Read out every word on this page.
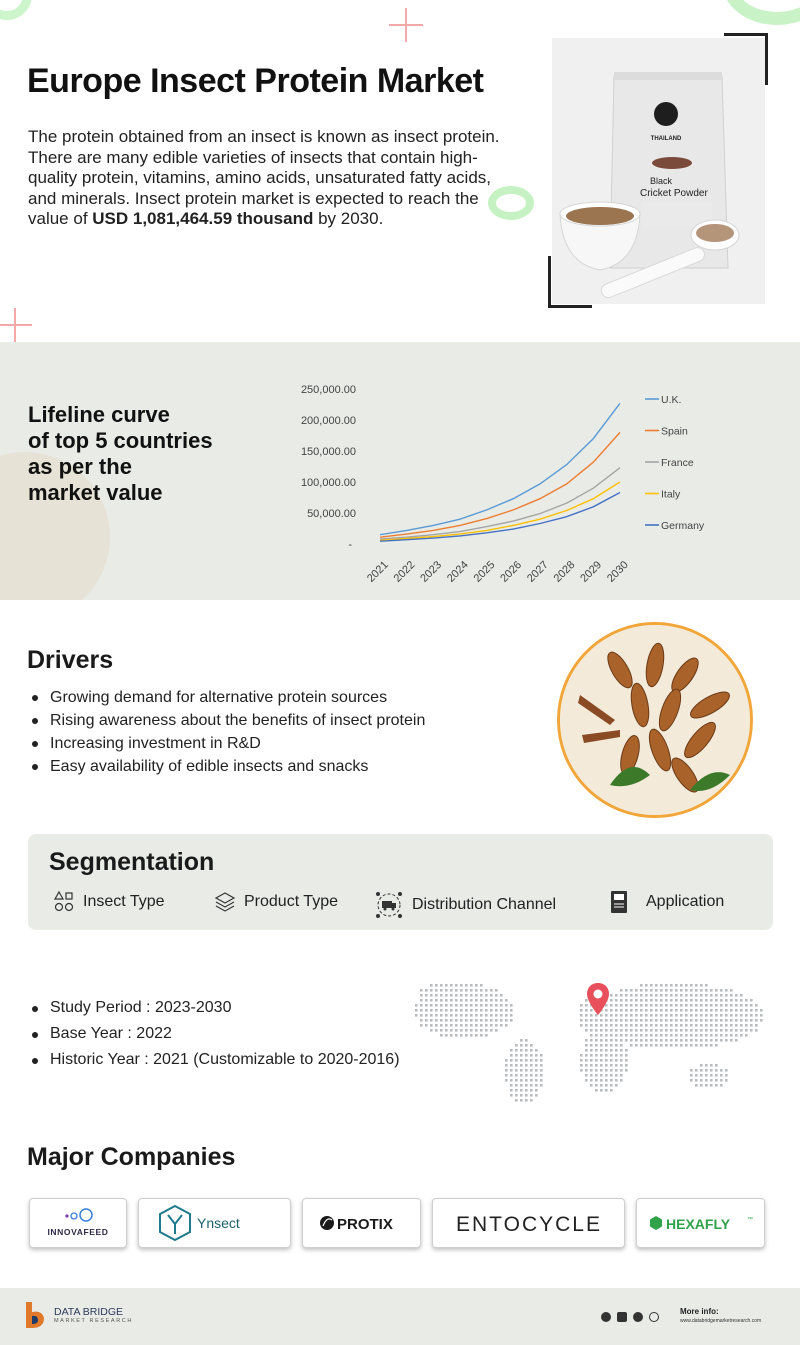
Europe Insect Protein Market

The protein obtained from an insect is known as insect protein. There are many edible varieties of insects that contain high-quality protein, vitamins, amino acids, unsaturated fatty acids, and minerals. Insect protein market is expected to reach the value of USD 1,081,464.59 thousand by 2030.

THAILAND
Black
Cricket Powder
Lifeline curve
of top 5 countries
as per the
market value
-
50,000.00
100,000.00
150,000.00
200,000.00
250,000.00
2021 2022 2023 2024 2025 2026 2027 2028 2029 2030
U.K.
Spain
France
Italy
Germany
Drivers
Growing demand for alternative protein sources
Rising awareness about the benefits of insect protein
Increasing investment in R&D
Easy availability of edible insects and snacks
Segmentation
Insect Type	Product Type	Distribution Channel	Application
Study Period : 2023-2030
Base Year : 2022
Historic Year : 2021 (Customizable to 2020-2016)
Major Companies
INNOVAFEED
Ynsect	PROTIX	ENTOCYCLE	HEXAFLY	™
DATA BRIDGE
MARKET RESEARCH
More info:
www.databridgemarketresearch.com
